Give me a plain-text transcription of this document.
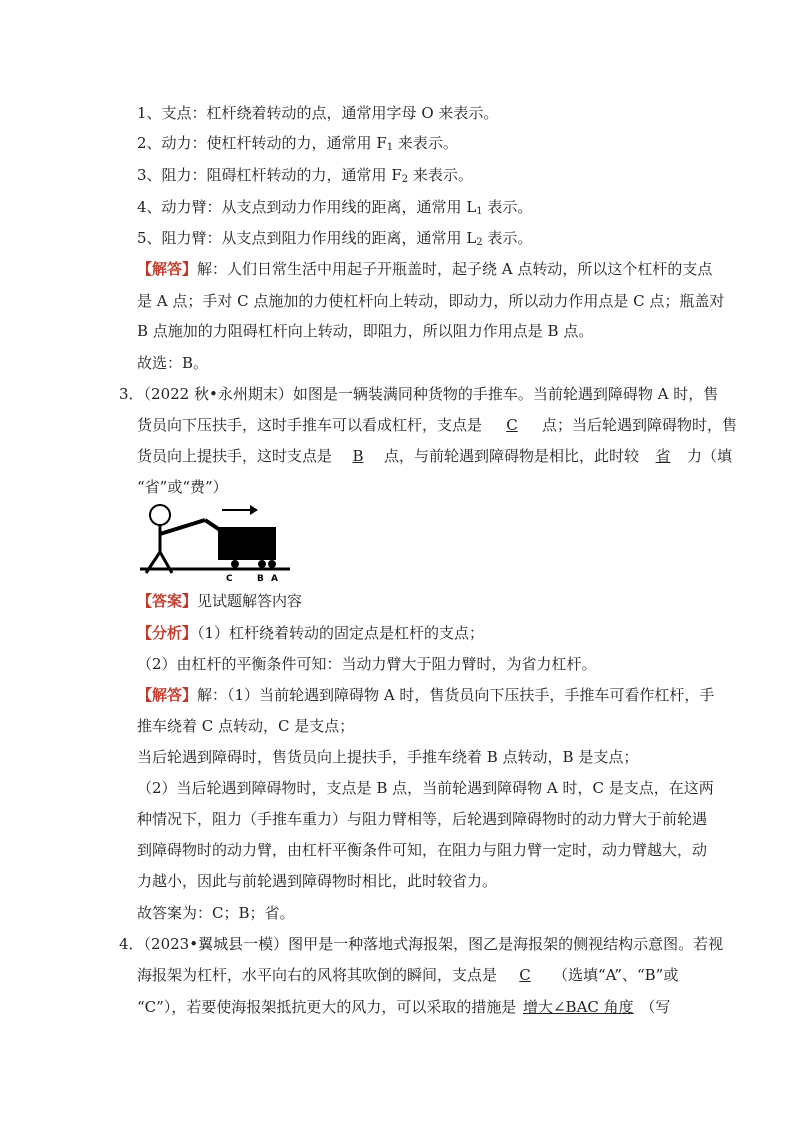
1、支点：杠杆绕着转动的点，通常用字母 O 来表示。
2、动力：使杠杆转动的力，通常用 $F_1$ 来表示。
3、阻力：阻碍杠杆转动的力，通常用 $F_2$ 来表示。
4、动力臂：从支点到动力作用线的距离，通常用 $L_1$ 表示。
5、阻力臂：从支点到阻力作用线的距离，通常用 $L_2$ 表示。
【解答】解：人们日常生活中用起子开瓶盖时，起子绕 A 点转动，所以这个杠杆的支点
是 A 点；手对 C 点施加的力使杠杆向上转动，即动力，所以动力作用点是 C 点；瓶盖对
B 点施加的力阻碍杠杆向上转动，即阻力，所以阻力作用点是 B 点。
故选：B。
3．（2022 秋•永州期末）如图是一辆装满同种货物的手推车。当前轮遇到障碍物 A 时，售
货员向下压扶手，这时手推车可以看成杠杆，支点是 C 点；当后轮遇到障碍物时，售
货员向上提扶手，这时支点是 B 点，与前轮遇到障碍物是相比，此时较 省 力（填
“省”或“费”）
C	B A
【答案】见试题解答内容
【分析】（1）杠杆绕着转动的固定点是杠杆的支点；
（2）由杠杆的平衡条件可知：当动力臂大于阻力臂时，为省力杠杆。
【解答】解：（1）当前轮遇到障碍物 A 时，售货员向下压扶手，手推车可看作杠杆，手
推车绕着 C 点转动，C 是支点；
当后轮遇到障碍时，售货员向上提扶手，手推车绕着 B 点转动，B 是支点；
（2）当后轮遇到障碍物时，支点是 B 点，当前轮遇到障碍物 A 时，C 是支点，在这两
种情况下，阻力（手推车重力）与阻力臂相等，后轮遇到障碍物时的动力臂大于前轮遇
到障碍物时的动力臂，由杠杆平衡条件可知，在阻力与阻力臂一定时，动力臂越大，动
力越小，因此与前轮遇到障碍物时相比，此时较省力。
故答案为：C；B；省。
4．（2023•翼城县一模）图甲是一种落地式海报架，图乙是海报架的侧视结构示意图。若视
海报架为杠杆，水平向右的风将其吹倒的瞬间，支点是 C （选填“A”、“B”或
“C”），若要使海报架抵抗更大的风力，可以采取的措施是 增大∠BAC 角度 （写
